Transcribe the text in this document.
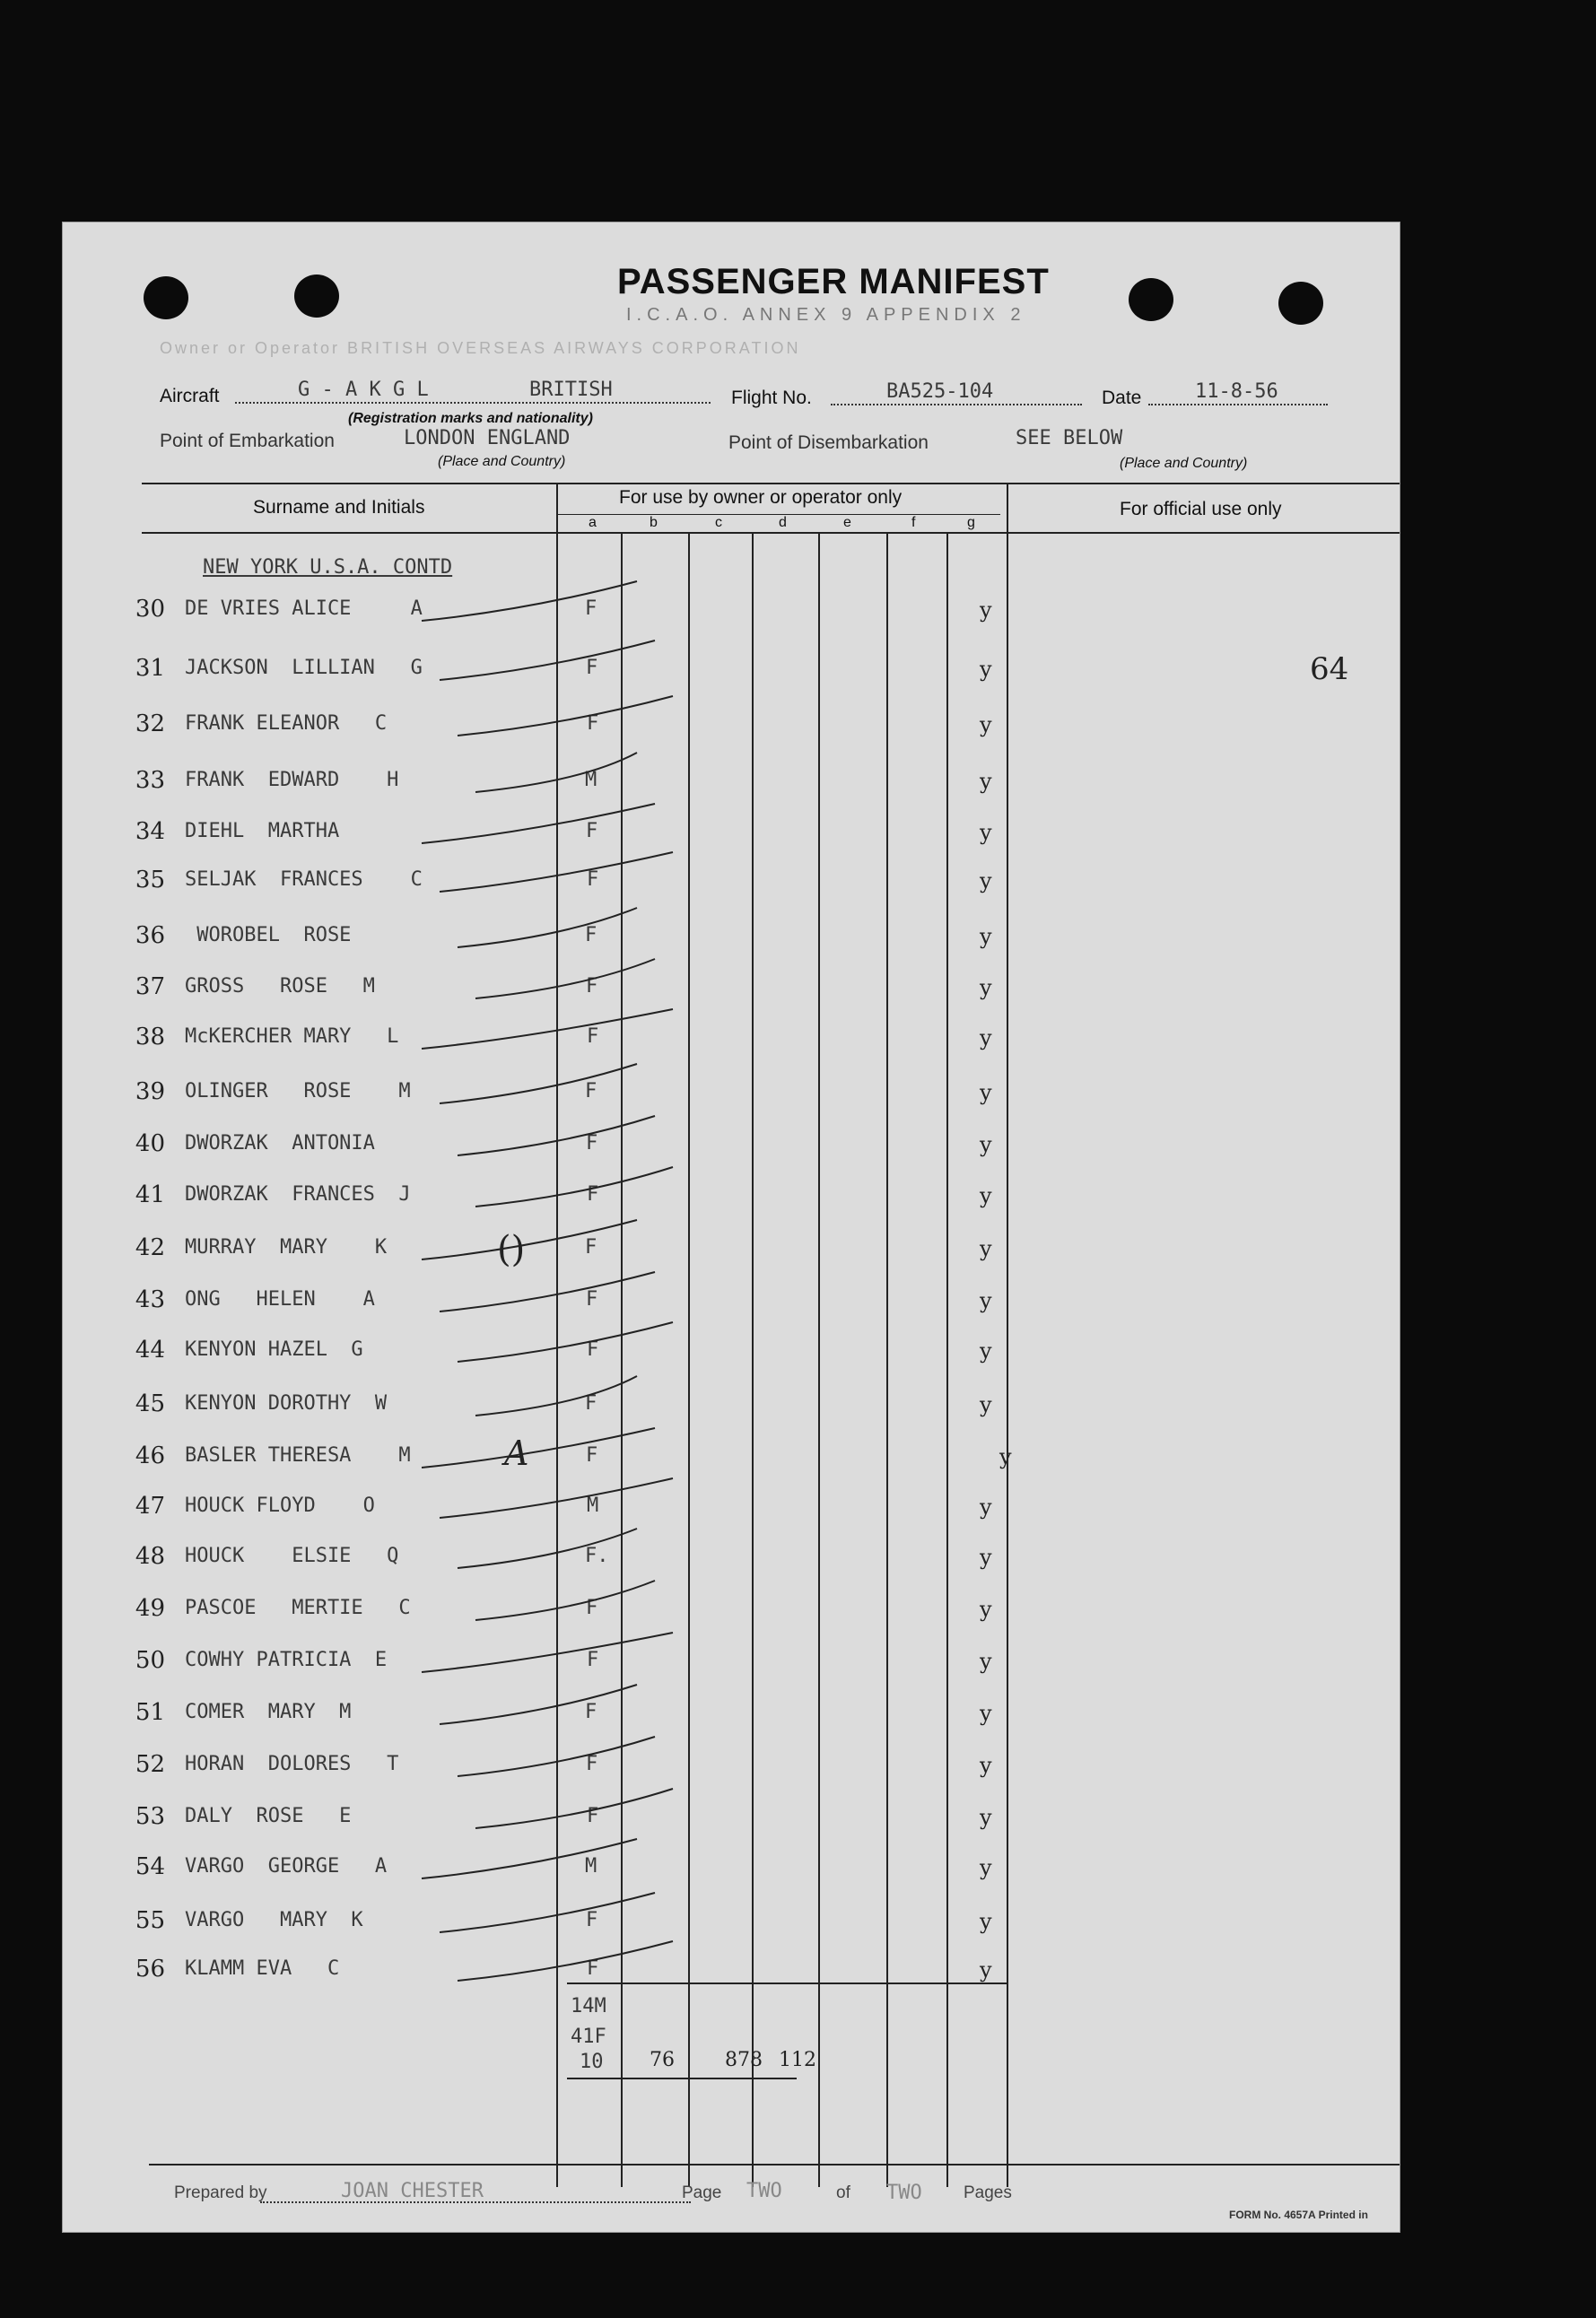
PASSENGER MANIFEST
I.C.A.O. ANNEX 9 APPENDIX 2
Owner or Operator BRITISH OVERSEAS AIRWAYS CORPORATION
Aircraft	G - A K G L	BRITISH	Flight No.	BA525-104	Date	11-8-56
(Registration marks and nationality)
Point of Embarkation	LONDON ENGLAND
(Place and Country)
Point of Disembarkation	SEE BELOW
(Place and Country)
Surname and Initials	For use by owner or operator only
For official use only
a	b	c	d	e	f	g
NEW YORK U.S.A. CONTD
64
30 DE VRIES ALICE     A	F	y
31 JACKSON  LILLIAN   G	F	y
32 FRANK ELEANOR   C	F	y
33 FRANK  EDWARD    H	M	y
34 DIEHL  MARTHA	F	y
35 SELJAK  FRANCES    C	F	y
36 WOROBEL  ROSE	F	y
37 GROSS   ROSE   M	F	y
38 McKERCHER MARY   L	F	y
39 OLINGER   ROSE    M	F	y
40 DWORZAK  ANTONIA	F	y
41 DWORZAK  FRANCES  J	F	y
42 MURRAY  MARY    K	F	y
43 ONG   HELEN    A	F	y
44 KENYON HAZEL  G	F	y
45 KENYON DOROTHY  W	F	y
46 BASLER THERESA    M	F	y
47 HOUCK FLOYD    O	M	y
48 HOUCK    ELSIE   Q	F.	y
49 PASCOE   MERTIE   C	F	y
50 COWHY PATRICIA  E	F	y
51 COMER  MARY  M	F	y
52 HORAN  DOLORES   T	F	y
53 DALY  ROSE   E	F	y
54 VARGO  GEORGE   A	M	y
55 VARGO   MARY  K	F	y
56 KLAMM EVA   C	F	y
()
A
14M
41F
10 76	878 112
Prepared by	JOAN CHESTER	Page TWO	of TWO Pages
FORM No. 4657A Printed in
